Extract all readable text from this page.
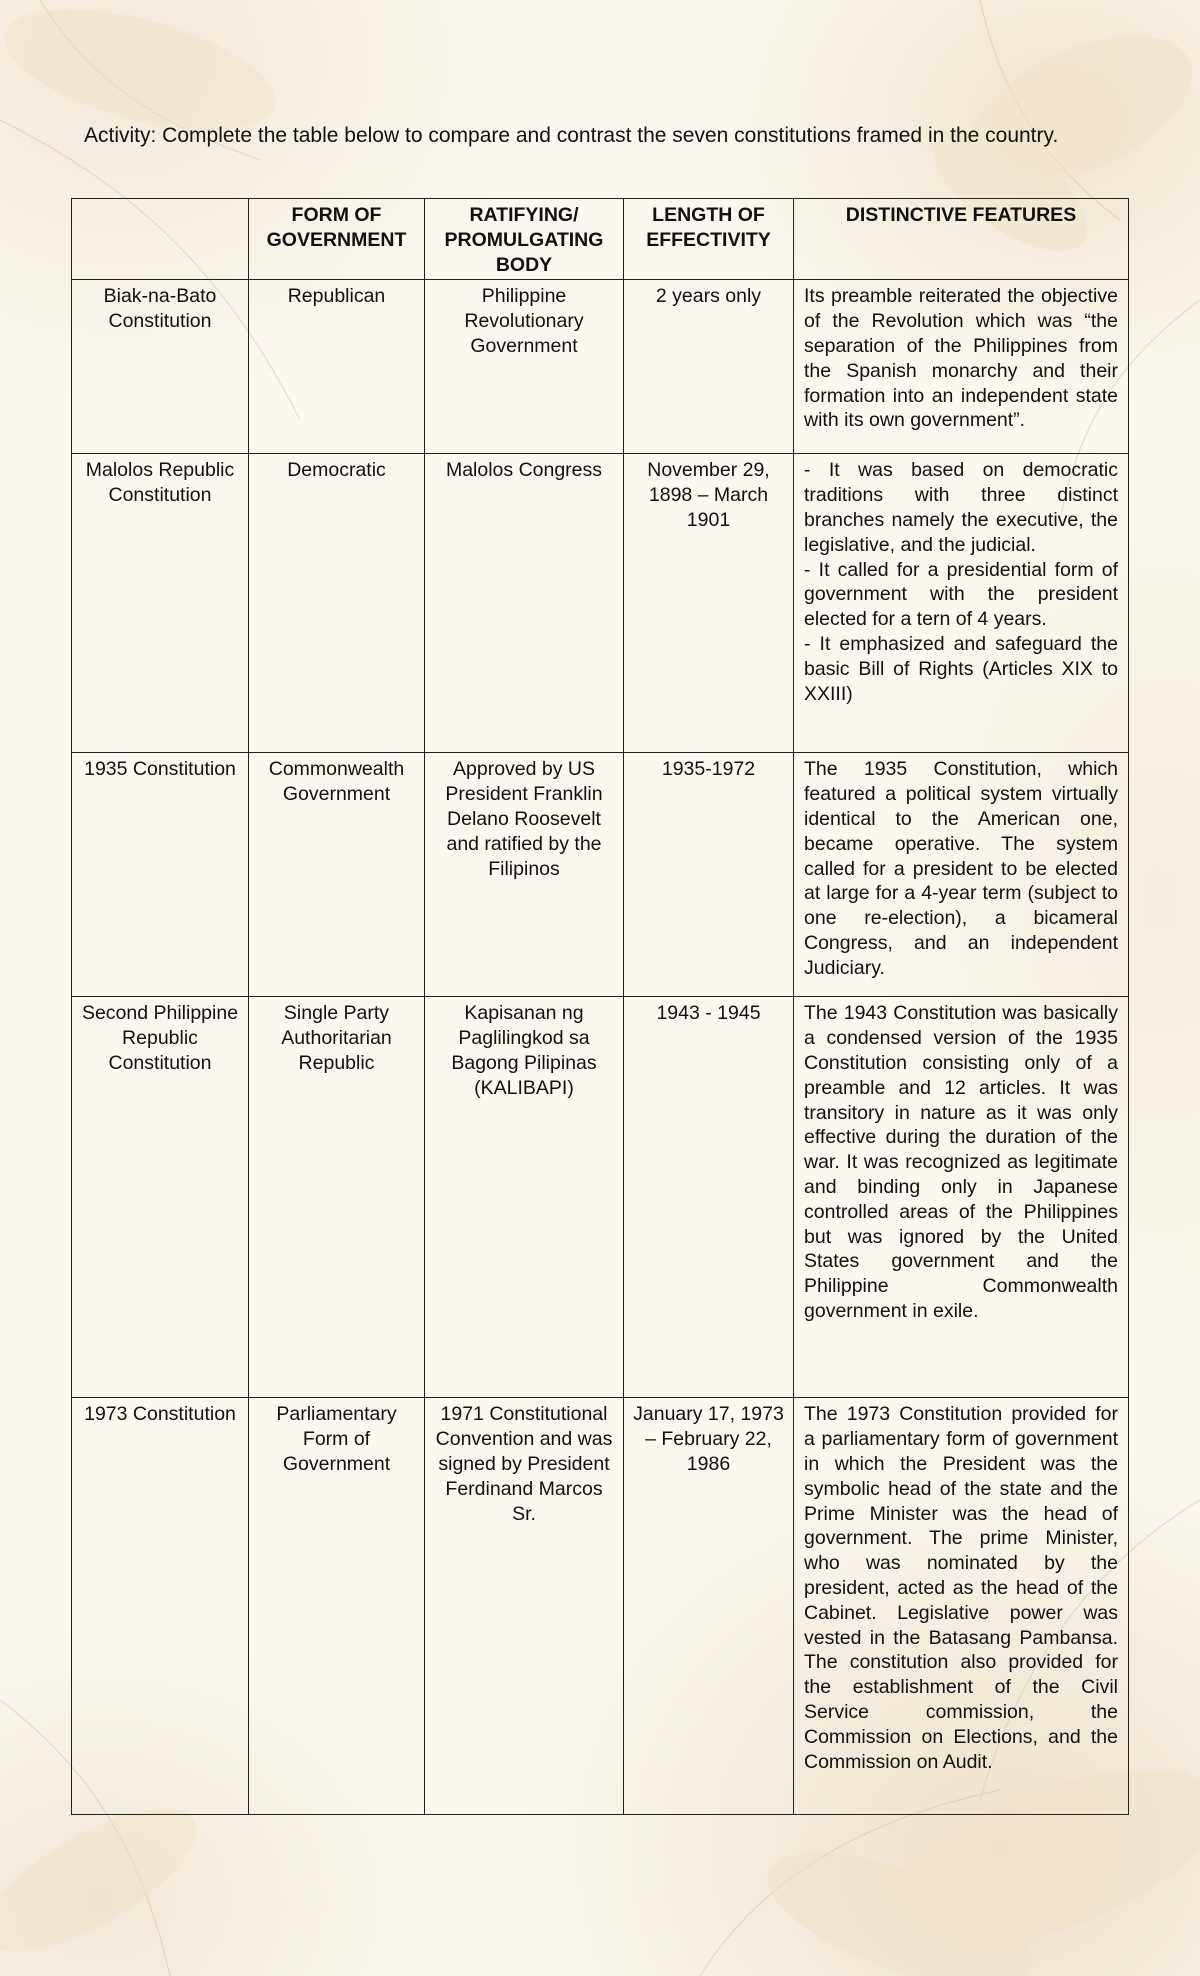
Activity: Complete the table below to compare and contrast the seven constitutions framed in the country.
	FORM OF GOVERNMENT	RATIFYING/ PROMULGATING BODY	LENGTH OF EFFECTIVITY	DISTINCTIVE FEATURES
Biak-na-Bato Constitution	Republican	Philippine Revolutionary Government	2 years only	Its preamble reiterated the objective of the Revolution which was “the separation of the Philippines from the Spanish monarchy and their formation into an independent state with its own government”.

Malolos Republic Constitution	Democratic	Malolos Congress	November 29, 1898 – March 1901	- It was based on democratic traditions with three distinct branches namely the executive, the legislative, and the judicial.
- It called for a presidential form of government with the president elected for a tern of 4 years.
- It emphasized and safeguard the basic Bill of Rights (Articles XIX to XXIII)

1935 Constitution	Commonwealth Government	Approved by US President Franklin Delano Roosevelt and ratified by the Filipinos	1935-1972	The 1935 Constitution, which featured a political system virtually identical to the American one, became operative. The system called for a president to be elected at large for a 4-year term (subject to one re-election), a bicameral Congress, and an independent Judiciary.

Second Philippine Republic Constitution	Single Party Authoritarian Republic	Kapisanan ng Paglilingkod sa Bagong Pilipinas (KALIBAPI)	1943 - 1945	The 1943 Constitution was basically a condensed version of the 1935 Constitution consisting only of a preamble and 12 articles. It was transitory in nature as it was only effective during the duration of the war. It was recognized as legitimate and binding only in Japanese controlled areas of the Philippines but was ignored by the United States government and the Philippine Commonwealth government in exile.

1973 Constitution	Parliamentary Form of Government	1971 Constitutional Convention and was signed by President Ferdinand Marcos Sr.	January 17, 1973 – February 22, 1986	The 1973 Constitution provided for a parliamentary form of government in which the President was the symbolic head of the state and the Prime Minister was the head of government. The prime Minister, who was nominated by the president, acted as the head of the Cabinet. Legislative power was vested in the Batasang Pambansa. The constitution also provided for the establishment of the Civil Service commission, the Commission on Elections, and the Commission on Audit.
